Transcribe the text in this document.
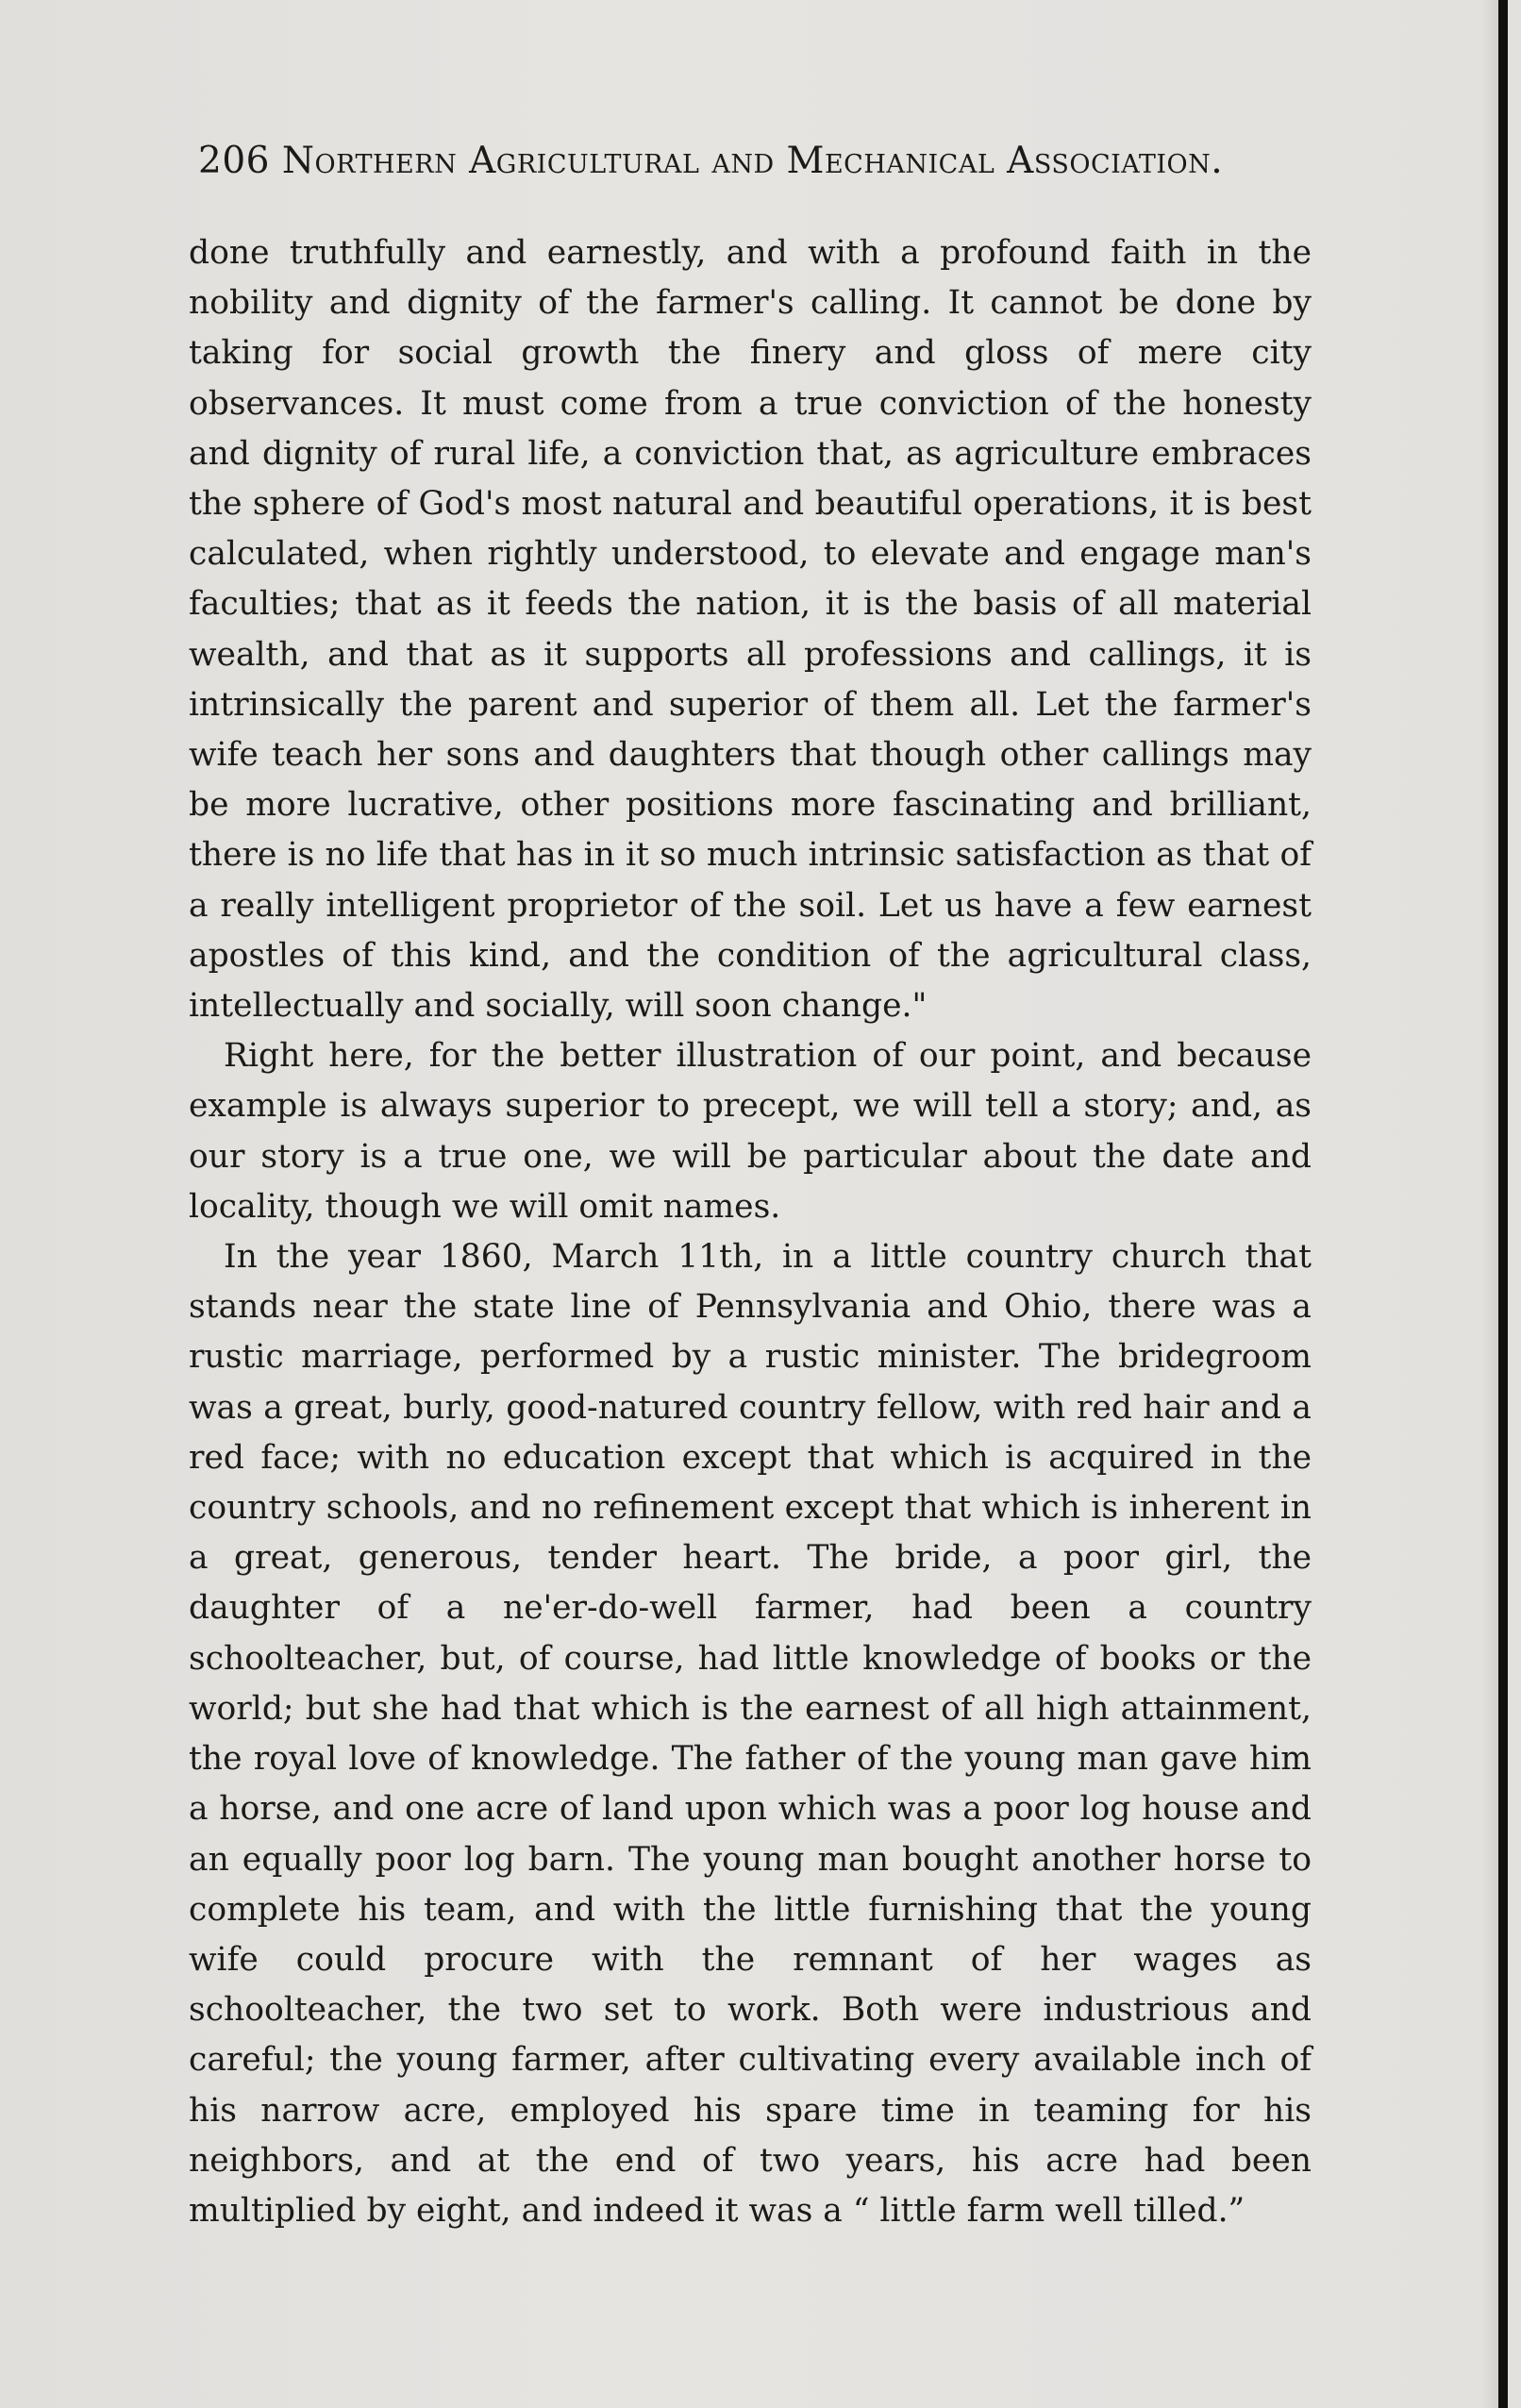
206 Northern Agricultural and Mechanical Association.

done truthfully and earnestly, and with a profound faith in the nobility and dignity of the farmer's calling. It cannot be done by taking for social growth the finery and gloss of mere city observances. It must come from a true conviction of the honesty and dignity of rural life, a conviction that, as agriculture embraces the sphere of God's most natural and beautiful operations, it is best calculated, when rightly understood, to elevate and engage man's faculties; that as it feeds the nation, it is the basis of all material wealth, and that as it supports all professions and callings, it is intrinsically the parent and superior of them all. Let the farmer's wife teach her sons and daughters that though other callings may be more lucrative, other positions more fascinating and brilliant, there is no life that has in it so much intrinsic satisfaction as that of a really intelligent proprietor of the soil. Let us have a few earnest apostles of this kind, and the condition of the agricultural class, intellectually and socially, will soon change."

Right here, for the better illustration of our point, and because example is always superior to precept, we will tell a story; and, as our story is a true one, we will be particular about the date and locality, though we will omit names.

In the year 1860, March 11th, in a little country church that stands near the state line of Pennsylvania and Ohio, there was a rustic marriage, performed by a rustic minister. The bridegroom was a great, burly, good-natured country fellow, with red hair and a red face; with no education except that which is acquired in the country schools, and no refinement except that which is inherent in a great, generous, tender heart. The bride, a poor girl, the daughter of a ne'er-do-well farmer, had been a country schoolteacher, but, of course, had little knowledge of books or the world; but she had that which is the earnest of all high attainment, the royal love of knowledge. The father of the young man gave him a horse, and one acre of land upon which was a poor log house and an equally poor log barn. The young man bought another horse to complete his team, and with the little furnishing that the young wife could procure with the remnant of her wages as schoolteacher, the two set to work. Both were industrious and careful; the young farmer, after cultivating every available inch of his narrow acre, employed his spare time in teaming for his neighbors, and at the end of two years, his acre had been multiplied by eight, and indeed it was a “ little farm well tilled.”
